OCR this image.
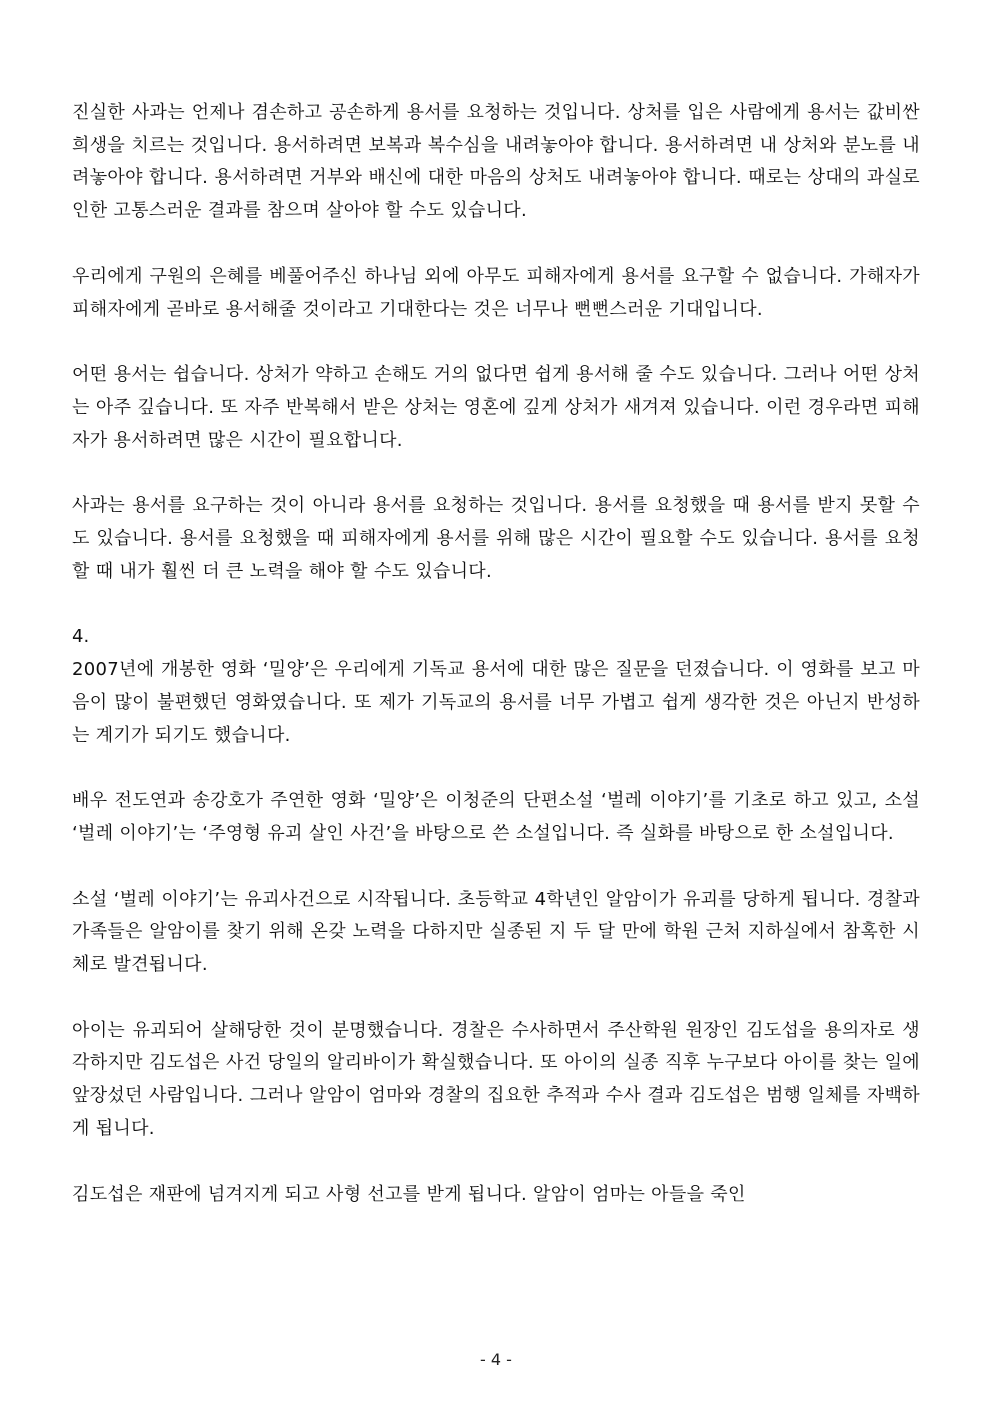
진실한 사과는 언제나 겸손하고 공손하게 용서를 요청하는 것입니다. 상처를 입은 사람에게 용서는 값비싼 희생을 치르는 것입니다. 용서하려면 보복과 복수심을 내려놓아야 합니다. 용서하려면 내 상처와 분노를 내려놓아야 합니다. 용서하려면 거부와 배신에 대한 마음의 상처도 내려놓아야 합니다. 때로는 상대의 과실로 인한 고통스러운 결과를 참으며 살아야 할 수도 있습니다.

우리에게 구원의 은혜를 베풀어주신 하나님 외에 아무도 피해자에게 용서를 요구할 수 없습니다. 가해자가 피해자에게 곧바로 용서해줄 것이라고 기대한다는 것은 너무나 뻔뻔스러운 기대입니다.

어떤 용서는 쉽습니다. 상처가 약하고 손해도 거의 없다면 쉽게 용서해 줄 수도 있습니다. 그러나 어떤 상처는 아주 깊습니다. 또 자주 반복해서 받은 상처는 영혼에 깊게 상처가 새겨져 있습니다. 이런 경우라면 피해자가 용서하려면 많은 시간이 필요합니다.

사과는 용서를 요구하는 것이 아니라 용서를 요청하는 것입니다. 용서를 요청했을 때 용서를 받지 못할 수도 있습니다. 용서를 요청했을 때 피해자에게 용서를 위해 많은 시간이 필요할 수도 있습니다. 용서를 요청할 때 내가 훨씬 더 큰 노력을 해야 할 수도 있습니다.

4.

2007년에 개봉한 영화 ‘밀양’은 우리에게 기독교 용서에 대한 많은 질문을 던졌습니다. 이 영화를 보고 마음이 많이 불편했던 영화였습니다. 또 제가 기독교의 용서를 너무 가볍고 쉽게 생각한 것은 아닌지 반성하는 계기가 되기도 했습니다.

배우 전도연과 송강호가 주연한 영화 ‘밀양’은 이청준의 단편소설 ‘벌레 이야기’를 기초로 하고 있고, 소설 ‘벌레 이야기’는 ‘주영형 유괴 살인 사건’을 바탕으로 쓴 소설입니다. 즉 실화를 바탕으로 한 소설입니다.

소설 ‘벌레 이야기’는 유괴사건으로 시작됩니다. 초등학교 4학년인 알암이가 유괴를 당하게 됩니다. 경찰과 가족들은 알암이를 찾기 위해 온갖 노력을 다하지만 실종된 지 두 달 만에 학원 근처 지하실에서 참혹한 시체로 발견됩니다.

아이는 유괴되어 살해당한 것이 분명했습니다. 경찰은 수사하면서 주산학원 원장인 김도섭을 용의자로 생각하지만 김도섭은 사건 당일의 알리바이가 확실했습니다. 또 아이의 실종 직후 누구보다 아이를 찾는 일에 앞장섰던 사람입니다. 그러나 알암이 엄마와 경찰의 집요한 추적과 수사 결과 김도섭은 범행 일체를 자백하게 됩니다.

김도섭은 재판에 넘겨지게 되고 사형 선고를 받게 됩니다. 알암이 엄마는 아들을 죽인

- 4 -
